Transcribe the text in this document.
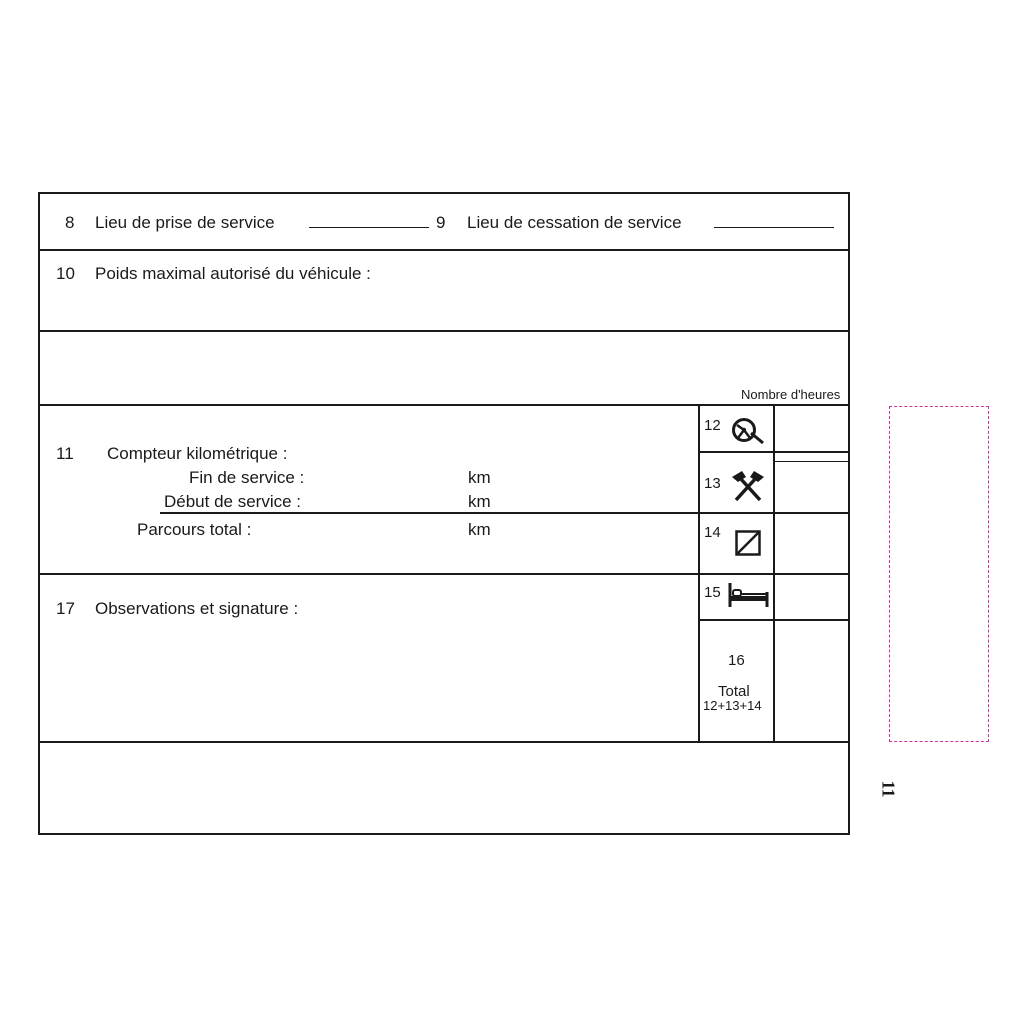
8 Lieu de prise de service	9 Lieu de cessation de service
10 Poids maximal autorisé du véhicule :
Nombre d'heures
11 Compteur kilométrique :
Fin de service :	km
Début de service :	km
Parcours total :	km
17 Observations et signature :
12
13
14
15
16
Total
12+13+14
11
